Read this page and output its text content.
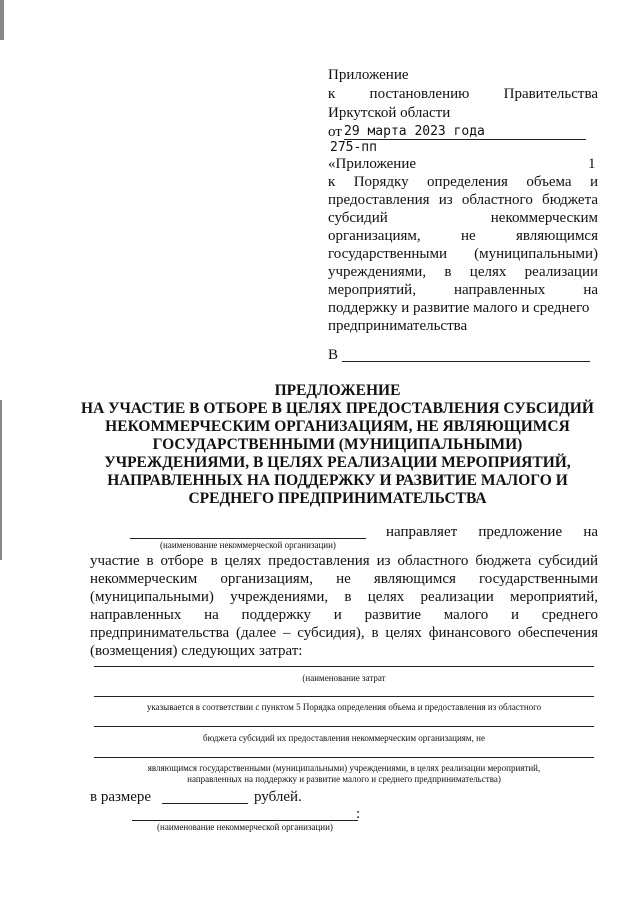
Приложение
к постановлению Правительства
Иркутской области
от 29 марта 2023 года
275-пп
«Приложение	1
к Порядку определения объема и
предоставления из областного бюджета
субсидий некоммерческим
организациям, не являющимся
государственными (муниципальными)
учреждениями, в целях реализации
мероприятий, направленных на
поддержку и развитие малого и среднего
предпринимательства
В
ПРЕДЛОЖЕНИЕ
НА УЧАСТИЕ В ОТБОРЕ В ЦЕЛЯХ ПРЕДОСТАВЛЕНИЯ СУБСИДИЙ
НЕКОММЕРЧЕСКИМ ОРГАНИЗАЦИЯМ, НЕ ЯВЛЯЮЩИМСЯ
ГОСУДАРСТВЕННЫМИ (МУНИЦИПАЛЬНЫМИ)
УЧРЕЖДЕНИЯМИ, В ЦЕЛЯХ РЕАЛИЗАЦИИ МЕРОПРИЯТИЙ,
НАПРАВЛЕННЫХ НА ПОДДЕРЖКУ И РАЗВИТИЕ МАЛОГО И
СРЕДНЕГО ПРЕДПРИНИМАТЕЛЬСТВА
(наименование некоммерческой организации)
направляет предложение на
участие в отборе в целях предоставления из областного бюджета субсидий
некоммерческим организациям, не являющимся государственными
(муниципальными) учреждениями, в целях реализации мероприятий,
направленных на поддержку и развитие малого и среднего
предпринимательства (далее – субсидия), в целях финансового обеспечения
(возмещения) следующих затрат:
(наименование затрат
указывается в соответствии с пунктом 5 Порядка определения объема и предоставления из областного
бюджета субсидий их предоставления некоммерческим организациям, не
являющимся государственными (муниципальными) учреждениями, в целях реализации мероприятий,
направленных на поддержку и развитие малого и среднего предпринимательства)
в размере	рублей.
:
(наименование некоммерческой организации)
